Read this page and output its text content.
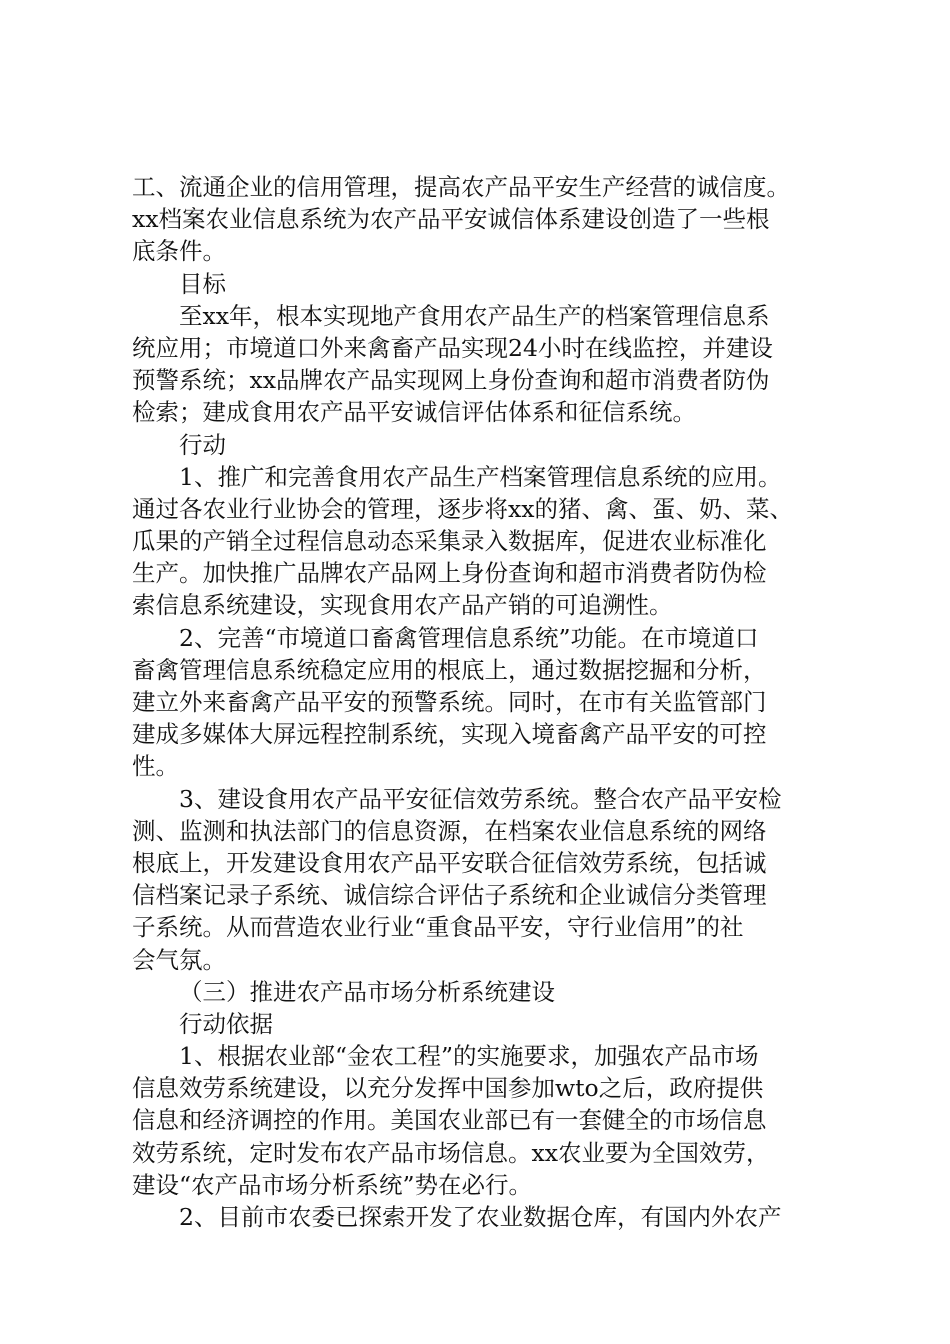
工、流通企业的信用管理，提高农产品平安生产经营的诚信度。
xx档案农业信息系统为农产品平安诚信体系建设创造了一些根
底条件。
目标
至xx年，根本实现地产食用农产品生产的档案管理信息系
统应用；市境道口外来禽畜产品实现24小时在线监控，并建设
预警系统；xx品牌农产品实现网上身份查询和超市消费者防伪
检索；建成食用农产品平安诚信评估体系和征信系统。
行动
1、推广和完善食用农产品生产档案管理信息系统的应用。
通过各农业行业协会的管理，逐步将xx的猪、禽、蛋、奶、菜、
瓜果的产销全过程信息动态采集录入数据库，促进农业标准化
生产。加快推广品牌农产品网上身份查询和超市消费者防伪检
索信息系统建设，实现食用农产品产销的可追溯性。
2、完善“市境道口畜禽管理信息系统”功能。在市境道口
畜禽管理信息系统稳定应用的根底上，通过数据挖掘和分析，
建立外来畜禽产品平安的预警系统。同时，在市有关监管部门
建成多媒体大屏远程控制系统，实现入境畜禽产品平安的可控
性。
3、建设食用农产品平安征信效劳系统。整合农产品平安检
测、监测和执法部门的信息资源，在档案农业信息系统的网络
根底上，开发建设食用农产品平安联合征信效劳系统，包括诚
信档案记录子系统、诚信综合评估子系统和企业诚信分类管理
子系统。从而营造农业行业“重食品平安，守行业信用”的社
会气氛。
（三）推进农产品市场分析系统建设
行动依据
1、根据农业部“金农工程”的实施要求，加强农产品市场
信息效劳系统建设，以充分发挥中国参加wto之后，政府提供
信息和经济调控的作用。美国农业部已有一套健全的市场信息
效劳系统，定时发布农产品市场信息。xx农业要为全国效劳，
建设“农产品市场分析系统”势在必行。
2、目前市农委已探索开发了农业数据仓库，有国内外农产
